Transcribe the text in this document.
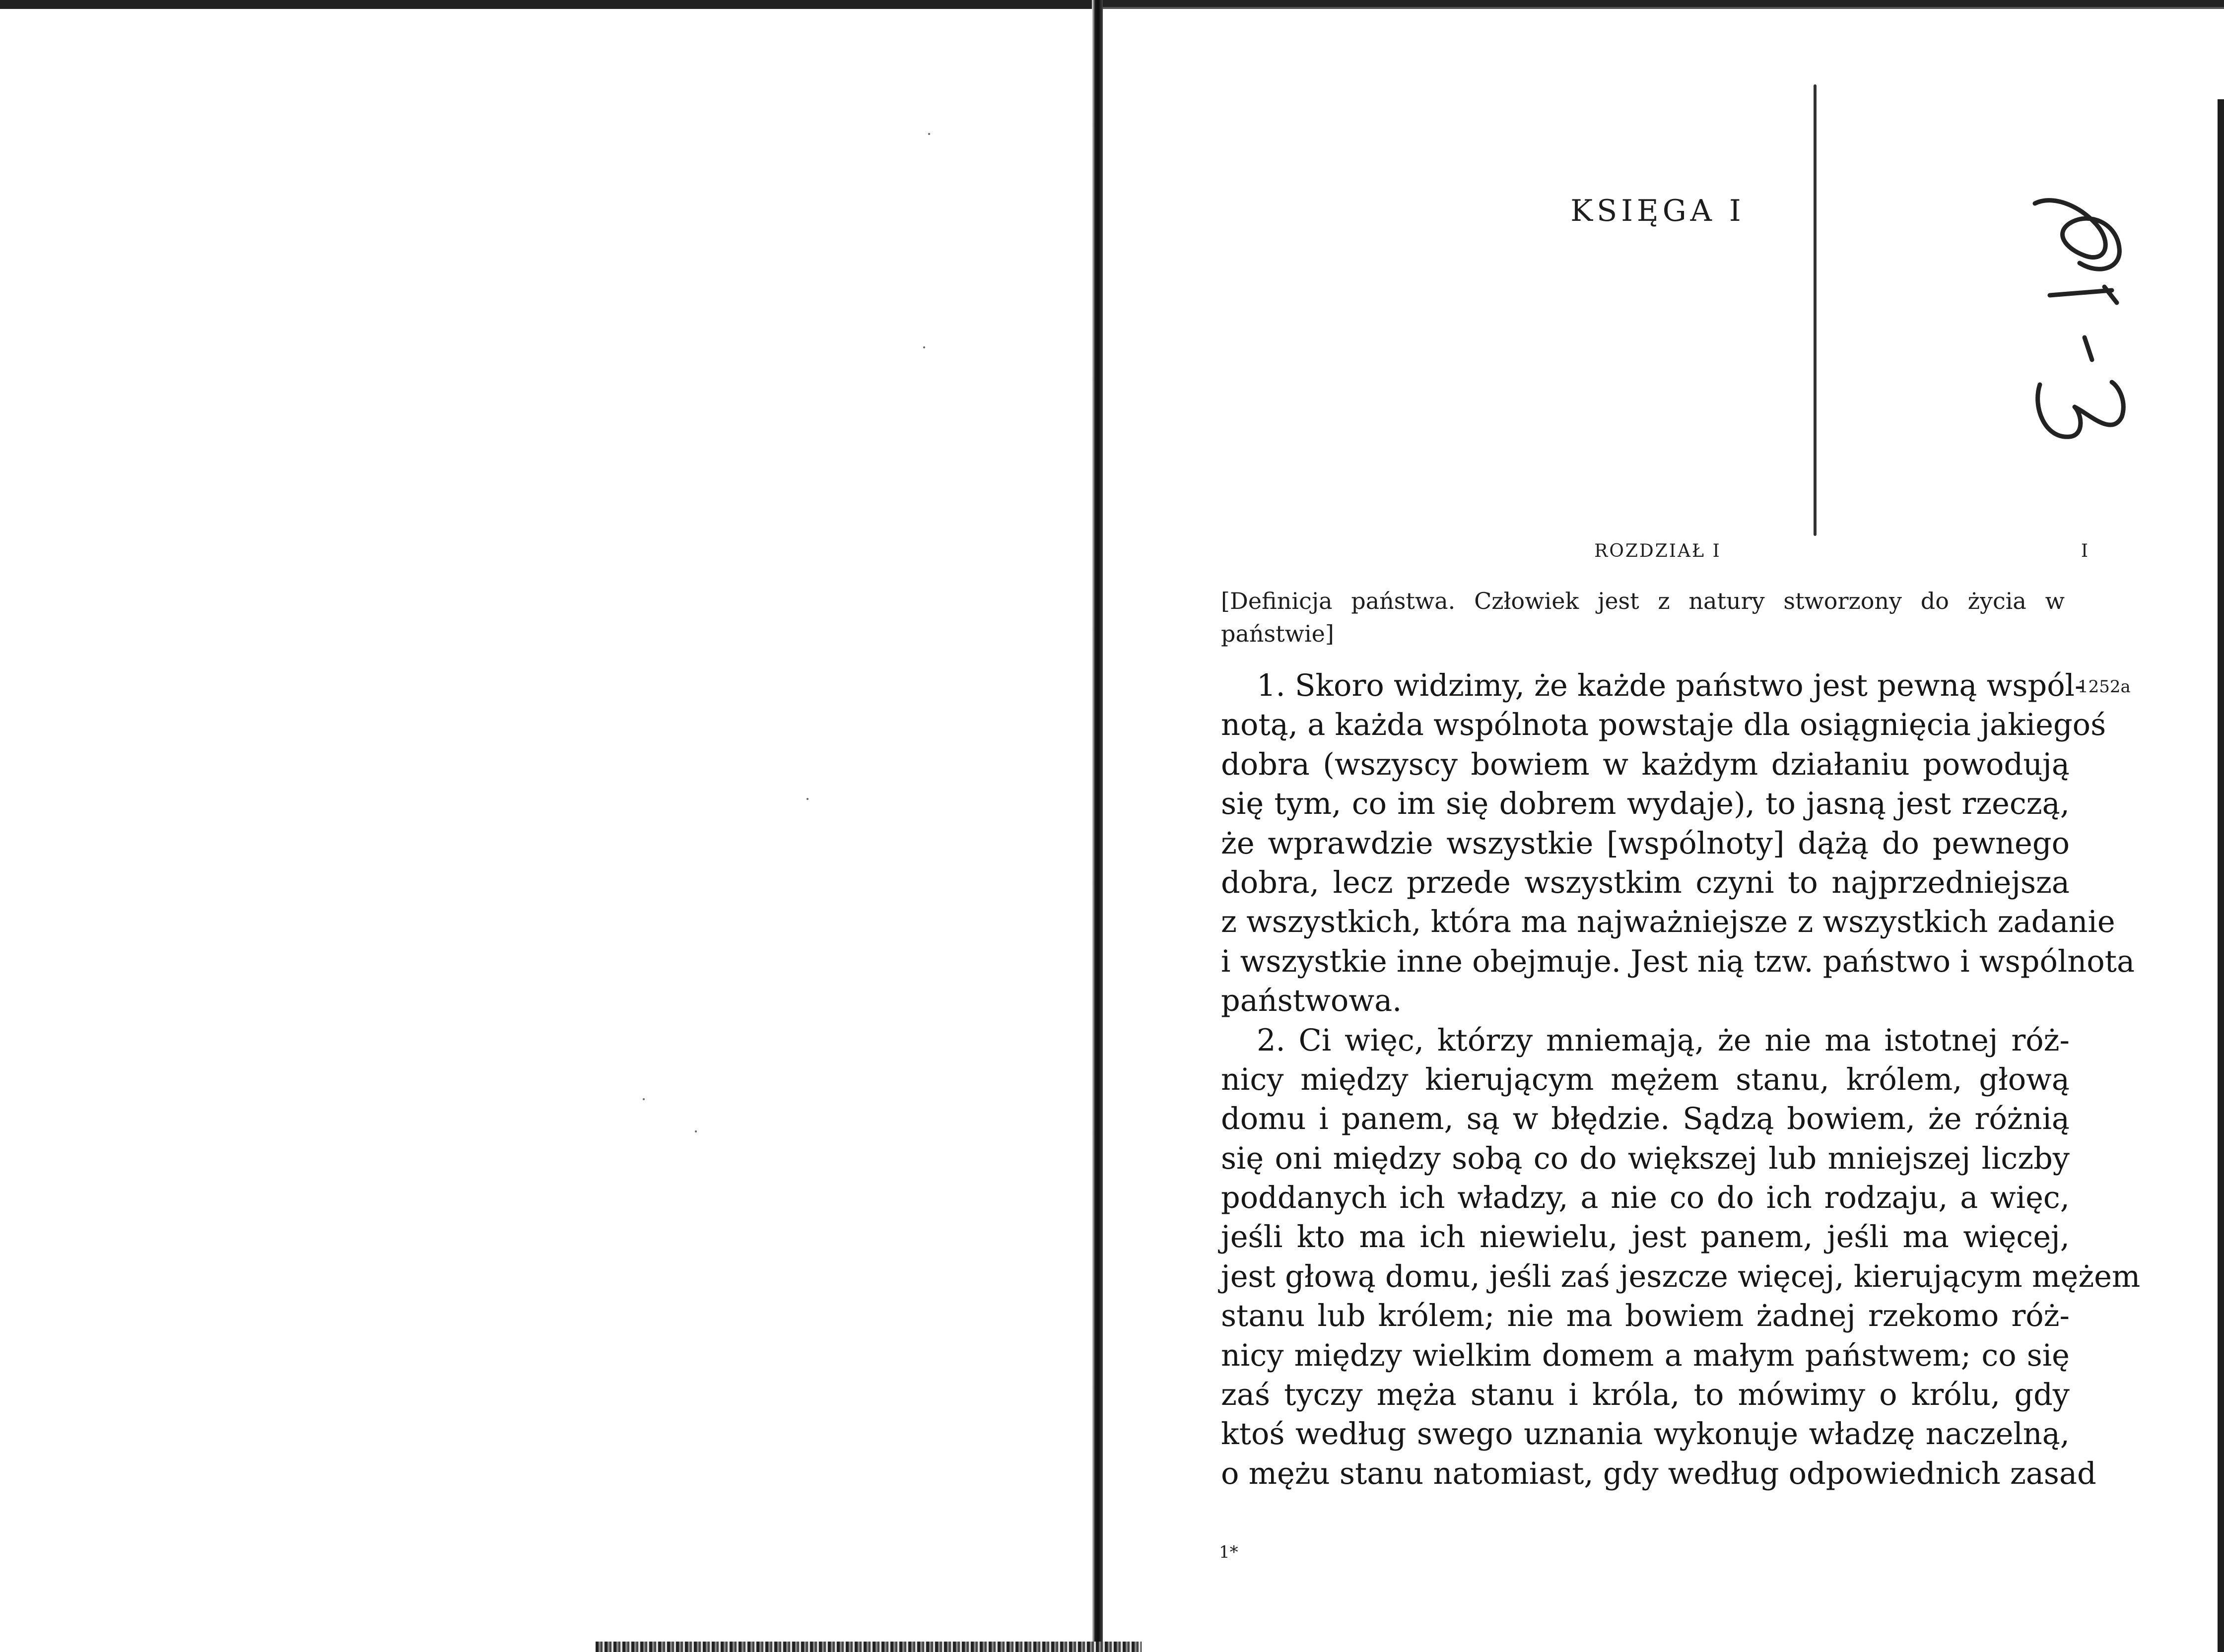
KSIĘGA I
ROZDZIAŁ I	I
[Definicja państwa. Człowiek jest z natury stworzony do życia w państwie]
1252a
1. Skoro widzimy, że każde państwo jest pewną wspól-
notą, a każda wspólnota powstaje dla osiągnięcia jakiegoś
dobra (wszyscy bowiem w każdym działaniu powodują
się tym, co im się dobrem wydaje), to jasną jest rzeczą,
że wprawdzie wszystkie [wspólnoty] dążą do pewnego
dobra, lecz przede wszystkim czyni to najprzedniejsza
z wszystkich, która ma najważniejsze z wszystkich zadanie
i wszystkie inne obejmuje. Jest nią tzw. państwo i wspólnota
państwowa.
2. Ci więc, którzy mniemają, że nie ma istotnej róż-
nicy między kierującym mężem stanu, królem, głową
domu i panem, są w błędzie. Sądzą bowiem, że różnią
się oni między sobą co do większej lub mniejszej liczby
poddanych ich władzy, a nie co do ich rodzaju, a więc,
jeśli kto ma ich niewielu, jest panem, jeśli ma więcej,
jest głową domu, jeśli zaś jeszcze więcej, kierującym mężem
stanu lub królem; nie ma bowiem żadnej rzekomo róż-
nicy między wielkim domem a małym państwem; co się
zaś tyczy męża stanu i króla, to mówimy o królu, gdy
ktoś według swego uznania wykonuje władzę naczelną,
o mężu stanu natomiast, gdy według odpowiednich zasad
1*
